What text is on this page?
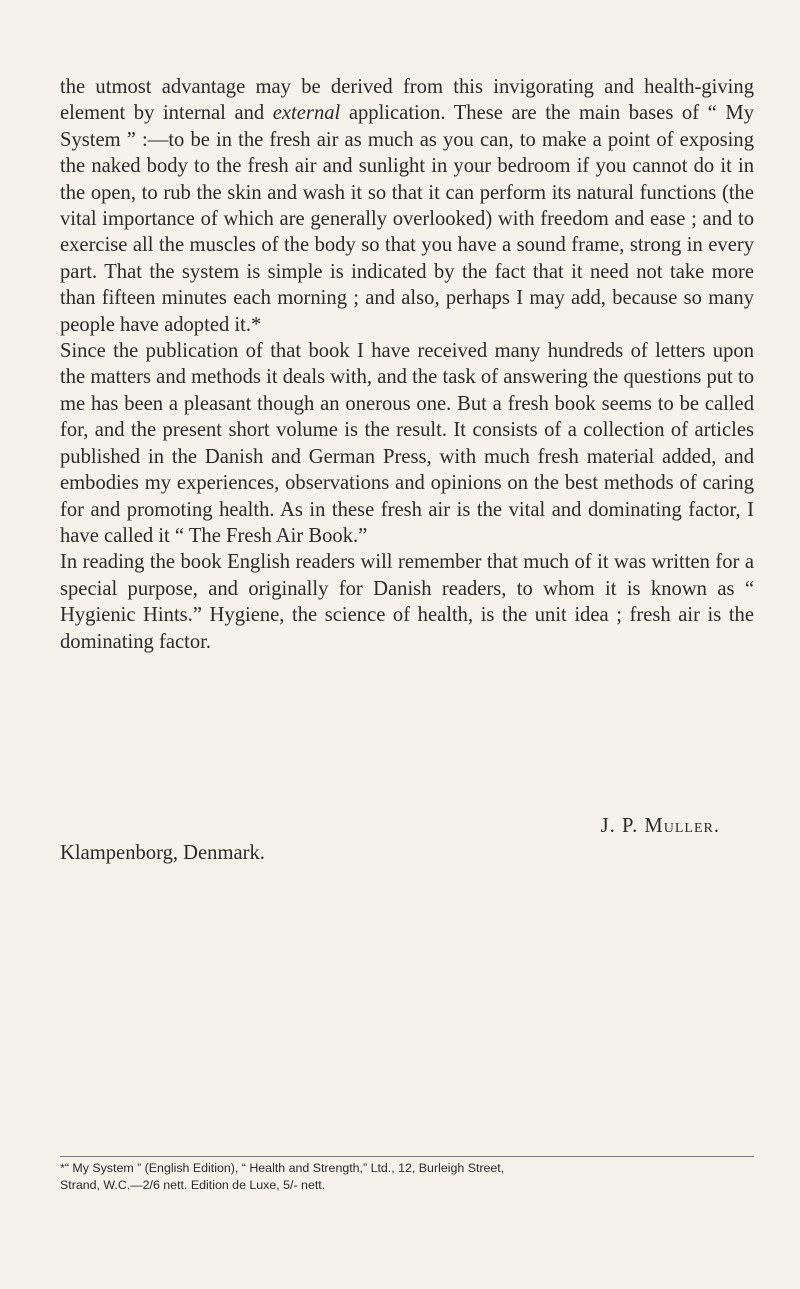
the utmost advantage may be derived from this invigorating and health-giving element by internal and external application. These are the main bases of “ My System ” :—to be in the fresh air as much as you can, to make a point of exposing the naked body to the fresh air and sunlight in your bedroom if you cannot do it in the open, to rub the skin and wash it so that it can perform its natural functions (the vital importance of which are generally overlooked) with freedom and ease ; and to exercise all the muscles of the body so that you have a sound frame, strong in every part. That the system is simple is indicated by the fact that it need not take more than fifteen minutes each morning ; and also, perhaps I may add, because so many people have adopted it.*

Since the publication of that book I have received many hundreds of letters upon the matters and methods it deals with, and the task of answering the questions put to me has been a pleasant though an onerous one. But a fresh book seems to be called for, and the present short volume is the result. It consists of a collection of articles published in the Danish and German Press, with much fresh material added, and embodies my experiences, observations and opinions on the best methods of caring for and promoting health. As in these fresh air is the vital and dominating factor, I have called it “ The Fresh Air Book.”

In reading the book English readers will remember that much of it was written for a special purpose, and originally for Danish readers, to whom it is known as “ Hygienic Hints.” Hygiene, the science of health, is the unit idea ; fresh air is the dominating factor.

J. P. Muller.
Klampenborg, Denmark.
*“ My System ” (English Edition), “ Health and Strength,” Ltd., 12, Burleigh Street,
Strand, W.C.—2/6 nett. Edition de Luxe, 5/- nett.
